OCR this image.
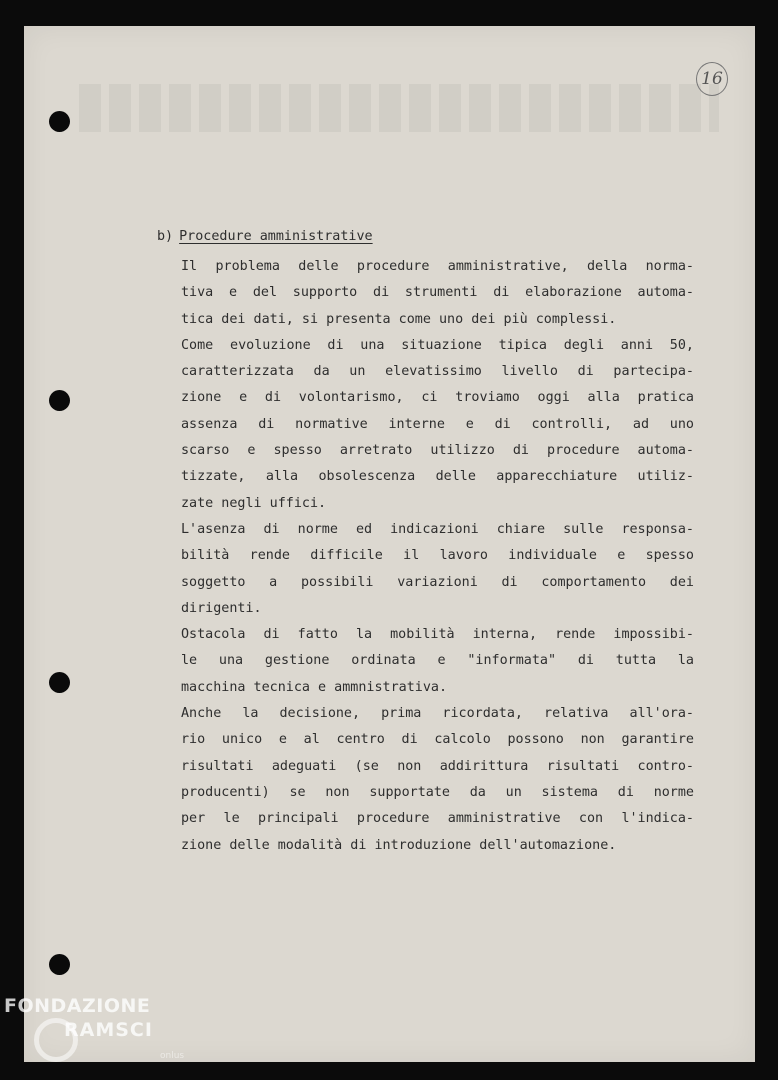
16
b) Procedure amministrative
Il problema delle procedure amministrative, della norma-
tiva e del supporto di strumenti di elaborazione automa-
tica dei dati, si presenta come uno dei più complessi.
Come evoluzione di una situazione tipica degli anni 50,
caratterizzata da un elevatissimo livello di partecipa-
zione e di volontarismo, ci troviamo oggi alla pratica
assenza di normative interne e di controlli, ad uno
scarso e spesso arretrato utilizzo di procedure automa-
tizzate, alla obsolescenza delle apparecchiature utiliz-
zate negli uffici.
L'asenza di norme ed indicazioni chiare sulle responsa-
bilità rende difficile il lavoro individuale e spesso
soggetto a possibili variazioni di comportamento dei
dirigenti.
Ostacola di fatto la mobilità interna, rende impossibi-
le una gestione ordinata e "informata" di tutta la
macchina tecnica e ammnistrativa.
Anche la decisione, prima ricordata, relativa all'ora-
rio unico e al centro di calcolo possono non garantire
risultati adeguati (se non addirittura risultati contro-
producenti) se non supportate da un sistema di norme
per le principali procedure amministrative con l'indica-
zione delle modalità di introduzione dell'automazione.
FONDAZIONE
RAMSCI
onlus
